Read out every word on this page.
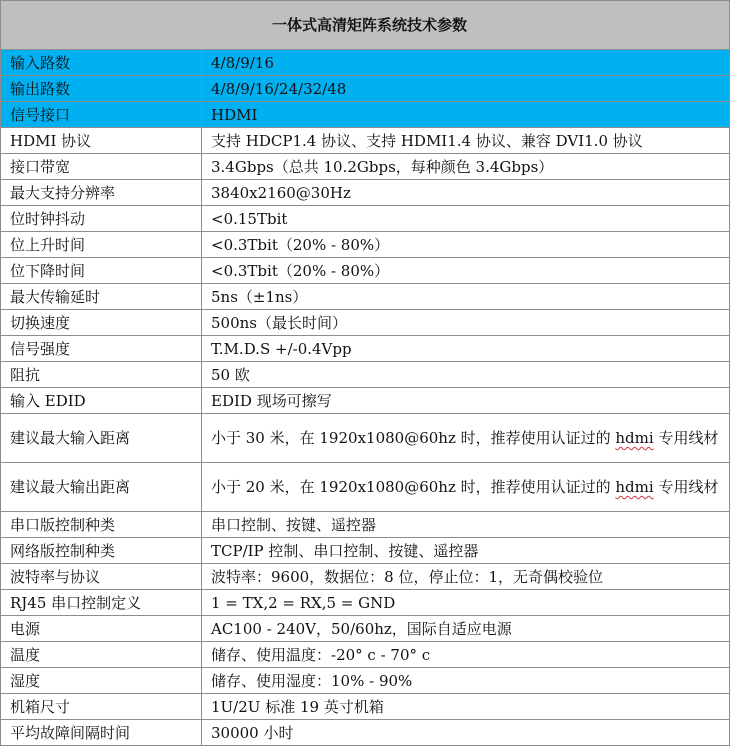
一体式高清矩阵系统技术参数	
输入路数	4/8/9/16
输出路数	4/8/9/16/24/32/48
信号接口	HDMI
HDMI 协议	支持 HDCP1.4 协议、支持 HDMI1.4 协议、兼容 DVI1.0 协议
接口带宽	3.4Gbps（总共 10.2Gbps，每种颜色 3.4Gbps）
最大支持分辨率	3840x2160@30Hz
位时钟抖动	<0.15Tbit
位上升时间	<0.3Tbit（20% - 80%）
位下降时间	<0.3Tbit（20% - 80%）
最大传输延时	5ns（±1ns）
切换速度	500ns（最长时间）
信号强度	T.M.D.S +/-0.4Vpp
阻抗	50 欧
输入 EDID	EDID 现场可擦写
建议最大输入距离	小于 30 米，在 1920x1080@60hz 时，推荐使用认证过的 hdmi 专用线材
建议最大输出距离	小于 20 米，在 1920x1080@60hz 时，推荐使用认证过的 hdmi 专用线材
串口版控制种类	串口控制、按键、遥控器
网络版控制种类	TCP/IP 控制、串口控制、按键、遥控器
波特率与协议	波特率：9600，数据位：8 位，停止位：1，无奇偶校验位
RJ45 串口控制定义	1 = TX,2 = RX,5 = GND
电源	AC100 - 240V，50/60hz，国际自适应电源
温度	储存、使用温度：-20° c - 70° c
湿度	储存、使用湿度：10% - 90%
机箱尺寸	1U/2U 标准 19 英寸机箱
平均故障间隔时间	30000 小时
